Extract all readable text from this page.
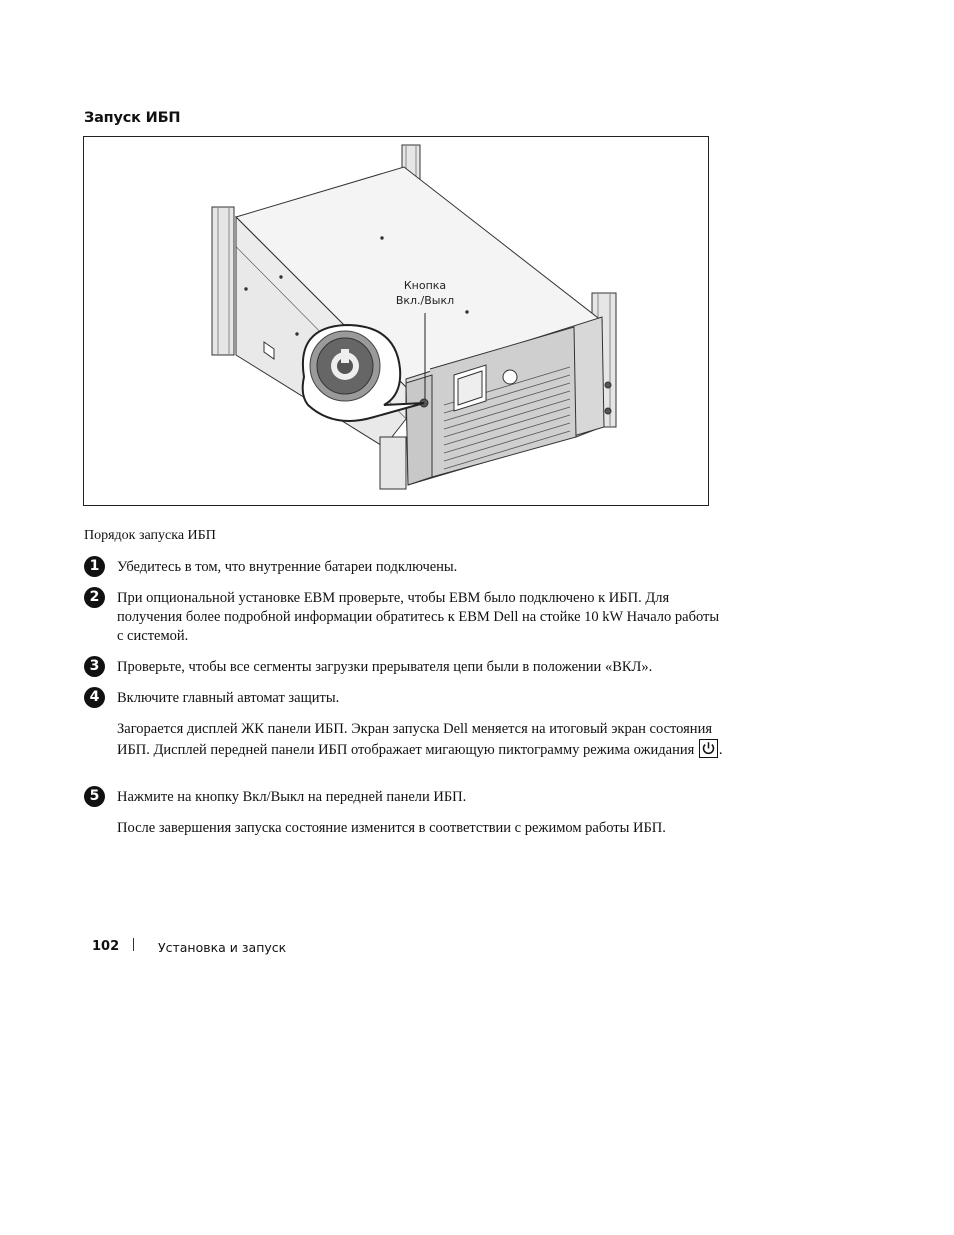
Запуск ИБП
Кнопка
Вкл./Выкл
Порядок запуска ИБП
1	Убедитесь в том, что внутренние батареи подключены.
2	При опциональной установке EBM проверьте, чтобы EBM было подключено к ИБП. Для получения более подробной информации обратитесь к EBM Dell на стойке 10 kW Начало работы с системой.
3	Проверьте, чтобы все сегменты загрузки прерывателя цепи были в положении «ВКЛ».
4	Включите главный автомат защиты.
Загорается дисплей ЖК панели ИБП. Экран запуска Dell меняется на итоговый экран состояния ИБП. Дисплей передней панели ИБП отображает мигающую пиктограмму режима ожидания .
5	Нажмите на кнопку Вкл/Выкл на передней панели ИБП.
После завершения запуска состояние изменится в соответствии с режимом работы ИБП.
102	Установка и запуск
